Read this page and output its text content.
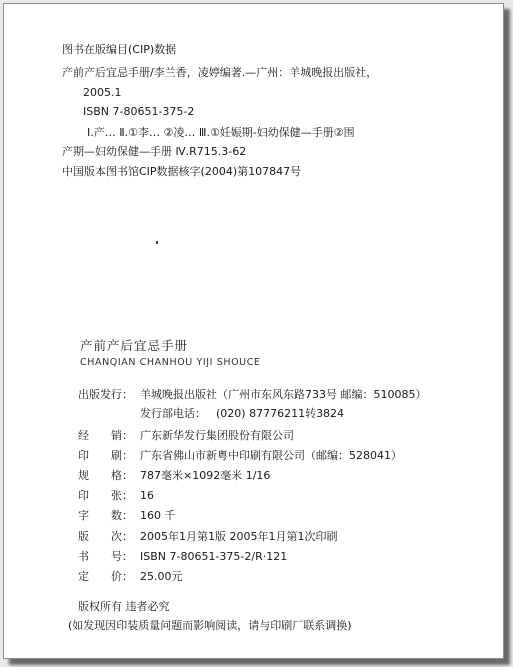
图书在版编目(CIP)数据
产前产后宜忌手册/李兰香，凌婷编著.—广州：羊城晚报出版社，
2005.1
ISBN 7-80651-375-2
Ⅰ.产… Ⅱ.①李… ②凌… Ⅲ.①妊娠期-妇幼保健—手册②围
产期—妇幼保健—手册 Ⅳ.R715.3-62
中国版本图书馆CIP数据核字(2004)第107847号
产前产后宜忌手册
CHANQIAN CHANHOU YIJI SHOUCE
出版发行： 羊城晚报出版社（广州市东风东路733号 邮编：510085）
发行部电话： (020) 87776211转3824
经　　销： 广东新华发行集团股份有限公司
印　　刷： 广东省佛山市新粤中印刷有限公司（邮编：528041）
规　　格： 787毫米×1092毫米 1/16
印　　张： 16
字　　数： 160 千
版　　次： 2005年1月第1版 2005年1月第1次印刷
书　　号： ISBN 7-80651-375-2/R·121
定　　价： 25.00元
版权所有 违者必究
(如发现因印装质量问题而影响阅读，请与印刷厂联系调换)
